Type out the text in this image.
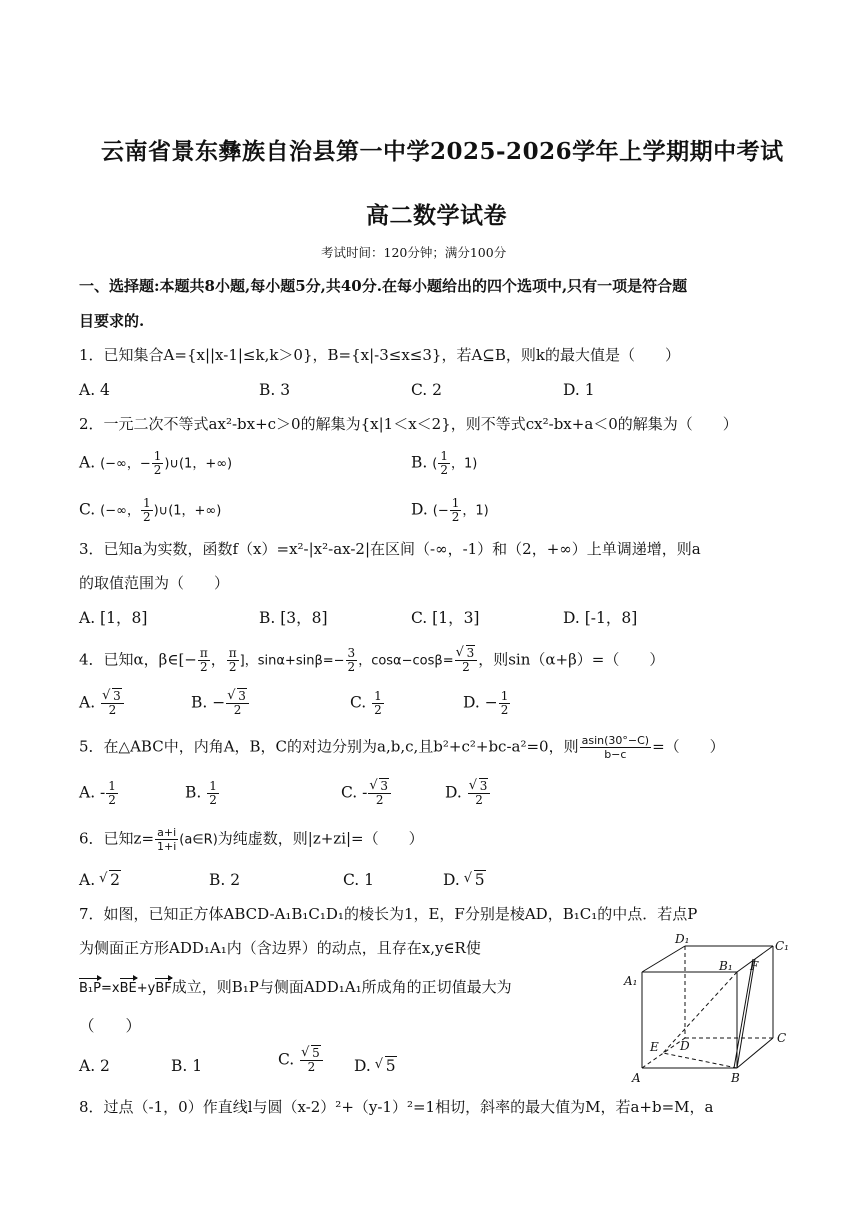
云南省景东彝族自治县第一中学2025-2026学年上学期期中考试
高二数学试卷
考试时间：120分钟；满分100分
一、选择题:本题共8小题,每小题5分,共40分.在每小题给出的四个选项中,只有一项是符合题
目要求的.
1．已知集合A={x||x-1|≤k,k＞0}，B={x|-3≤x≤3}，若A⊆B，则k的最大值是（　　）
A. 4	B. 3	C. 2	D. 1
2．一元二次不等式ax²-bx+c＞0的解集为{x|1＜x＜2}，则不等式cx²-bx+a＜0的解集为（　　）
A. (−∞，− $\frac{1}{2}$ )∪(1，+∞)	B. ( $\frac{1}{2}$ ，1)
C. (−∞， $\frac{1}{2}$ )∪(1，+∞)	D. (− $\frac{1}{2}$ ，1)
3．已知a为实数，函数f（x）=x²-|x²-ax-2|在区间（-∞，-1）和（2，+∞）上单调递增，则a
的取值范围为（　　）
A. [1，8]	B. [3，8]	C. [1，3]	D. [-1，8]
4．已知α，β∈[− $\frac{\pi}{2}$ ， $\frac{\pi}{2}$ ]，$\sin\alpha+\sin\beta=- \frac{3}{2}$ ，cosα−cosβ= √ $\frac{3}{2}$ ，则sin（α+β）=（　　）
A. √ $\frac{3}{2}$	B. − √ $\frac{3}{2}$	C. $\frac{1}{2}$	D. − $\frac{1}{2}$
5．在△ABC中，内角A，B，C的对边分别为a,b,c,且b²+c²+bc-a²=0，则 $\frac{asin(30^\circ-C)}{b-c}$ =（　　）
A. - $\frac{1}{2}$	B. $\frac{1}{2}$	C. - √ $\frac{3}{2}$	D. √ $\frac{3}{2}$
6．已知$z= \frac{a+i}{1+i}$ (a∈R)为纯虚数，则|z+zi|=（　　）
A. √ 2	B. 2	C. 1	D. √ 5
7．如图，已知正方体ABCD-A₁B₁C₁D₁的棱长为1，E，F分别是棱AD，B₁C₁的中点．若点P
为侧面正方形ADD₁A₁内（含边界）的动点，且存在x,y∈R使
B₁P=xBE+yBF成立，则B₁P与侧面ADD₁A₁所成角的正切值最大为
（　　）
A. 2	B. 1	C. √ $\frac{5}{2} D$. √ 5
D₁	C₁
A₁
B₁ F
E D
C
A	B
8．过点（-1，0）作直线l与圆（x-2）²+（y-1）²=1相切，斜率的最大值为M，若a+b=M，a
